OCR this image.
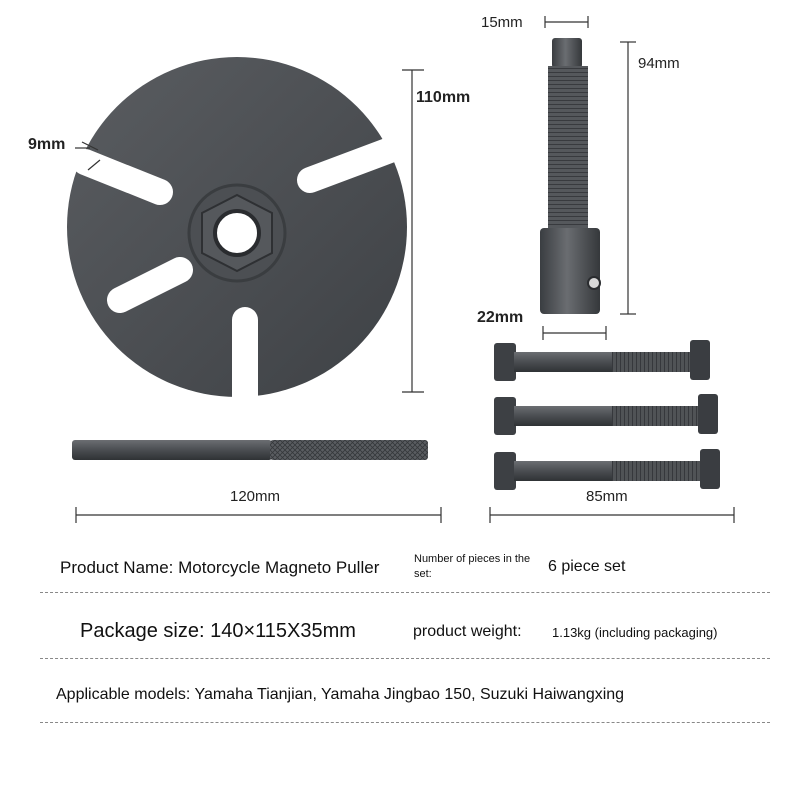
9mm
110mm
15mm
94mm
22mm
120mm	85mm
Product Name: Motorcycle Magneto Puller	Number of pieces in the set:	6 piece set
Package size: 140×115X35mm	product weight: 1.13kg (including packaging)
Applicable models: Yamaha Tianjian, Yamaha Jingbao 150, Suzuki Haiwangxing
